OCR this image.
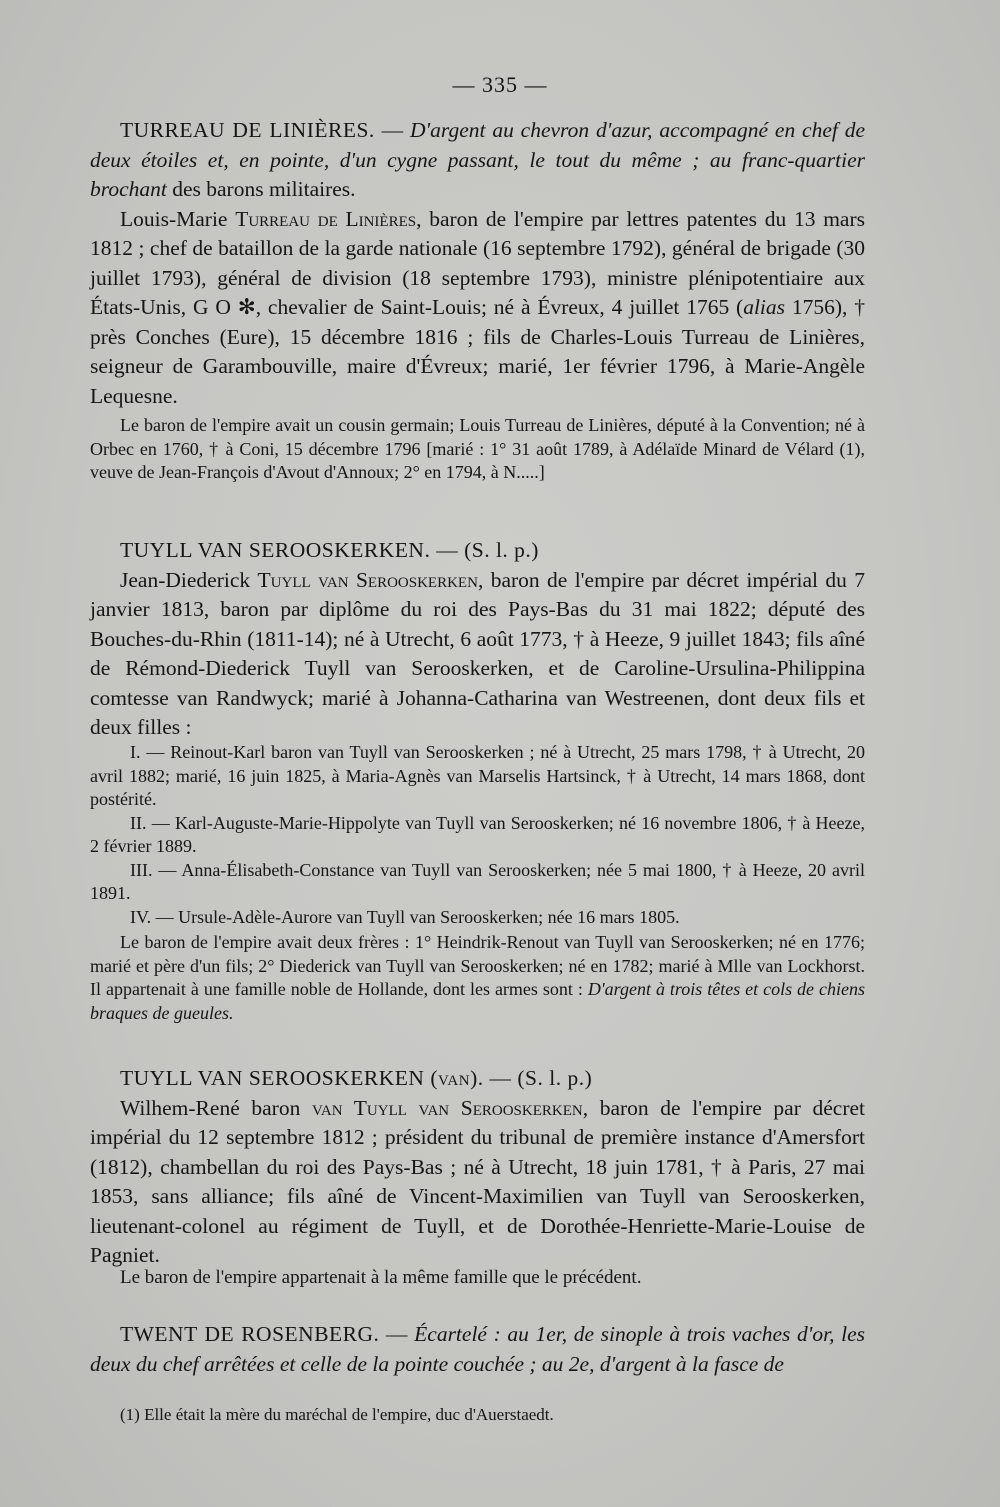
— 335 —

TURREAU DE LINIÈRES. — D'argent au chevron d'azur, accompagné en chef de deux étoiles et, en pointe, d'un cygne passant, le tout du même ; au franc-quartier brochant des barons militaires.

Louis-Marie Turreau de Linières, baron de l'empire par lettres patentes du 13 mars 1812 ; chef de bataillon de la garde nationale (16 septembre 1792), général de brigade (30 juillet 1793), général de division (18 septembre 1793), ministre plénipotentiaire aux États-Unis, G O ✻, chevalier de Saint-Louis; né à Évreux, 4 juillet 1765 (alias 1756), † près Conches (Eure), 15 décembre 1816 ; fils de Charles-Louis Turreau de Linières, seigneur de Garambouville, maire d'Évreux; marié, 1er février 1796, à Marie-Angèle Lequesne.

Le baron de l'empire avait un cousin germain; Louis Turreau de Linières, député à la Convention; né à Orbec en 1760, † à Coni, 15 décembre 1796 [marié : 1° 31 août 1789, à Adélaïde Minard de Vélard (1), veuve de Jean-François d'Avout d'Annoux; 2° en 1794, à N.....]

TUYLL VAN SEROOSKERKEN. — (S. l. p.)

Jean-Diederick Tuyll van Serooskerken, baron de l'empire par décret impérial du 7 janvier 1813, baron par diplôme du roi des Pays-Bas du 31 mai 1822; député des Bouches-du-Rhin (1811-14); né à Utrecht, 6 août 1773, † à Heeze, 9 juillet 1843; fils aîné de Rémond-Diederick Tuyll van Serooskerken, et de Caroline-Ursulina-Philippina comtesse van Randwyck; marié à Johanna-Catharina van Westreenen, dont deux fils et deux filles :

I. — Reinout-Karl baron van Tuyll van Serooskerken ; né à Utrecht, 25 mars 1798, † à Utrecht, 20 avril 1882; marié, 16 juin 1825, à Maria-Agnès van Marselis Hartsinck, † à Utrecht, 14 mars 1868, dont postérité.

II. — Karl-Auguste-Marie-Hippolyte van Tuyll van Serooskerken; né 16 novembre 1806, † à Heeze, 2 février 1889.

III. — Anna-Élisabeth-Constance van Tuyll van Serooskerken; née 5 mai 1800, † à Heeze, 20 avril 1891.

IV. — Ursule-Adèle-Aurore van Tuyll van Serooskerken; née 16 mars 1805.

Le baron de l'empire avait deux frères : 1° Heindrik-Renout van Tuyll van Serooskerken; né en 1776; marié et père d'un fils; 2° Diederick van Tuyll van Serooskerken; né en 1782; marié à Mlle van Lockhorst. Il appartenait à une famille noble de Hollande, dont les armes sont : D'argent à trois têtes et cols de chiens braques de gueules.

TUYLL VAN SEROOSKERKEN (van). — (S. l. p.)

Wilhem-René baron van Tuyll van Serooskerken, baron de l'empire par décret impérial du 12 septembre 1812 ; président du tribunal de première instance d'Amersfort (1812), chambellan du roi des Pays-Bas ; né à Utrecht, 18 juin 1781, † à Paris, 27 mai 1853, sans alliance; fils aîné de Vincent-Maximilien van Tuyll van Serooskerken, lieutenant-colonel au régiment de Tuyll, et de Dorothée-Henriette-Marie-Louise de Pagniet.

Le baron de l'empire appartenait à la même famille que le précédent.

TWENT DE ROSENBERG. — Écartelé : au 1er, de sinople à trois vaches d'or, les deux du chef arrêtées et celle de la pointe couchée ; au 2e, d'argent à la fasce de

(1) Elle était la mère du maréchal de l'empire, duc d'Auerstaedt.
